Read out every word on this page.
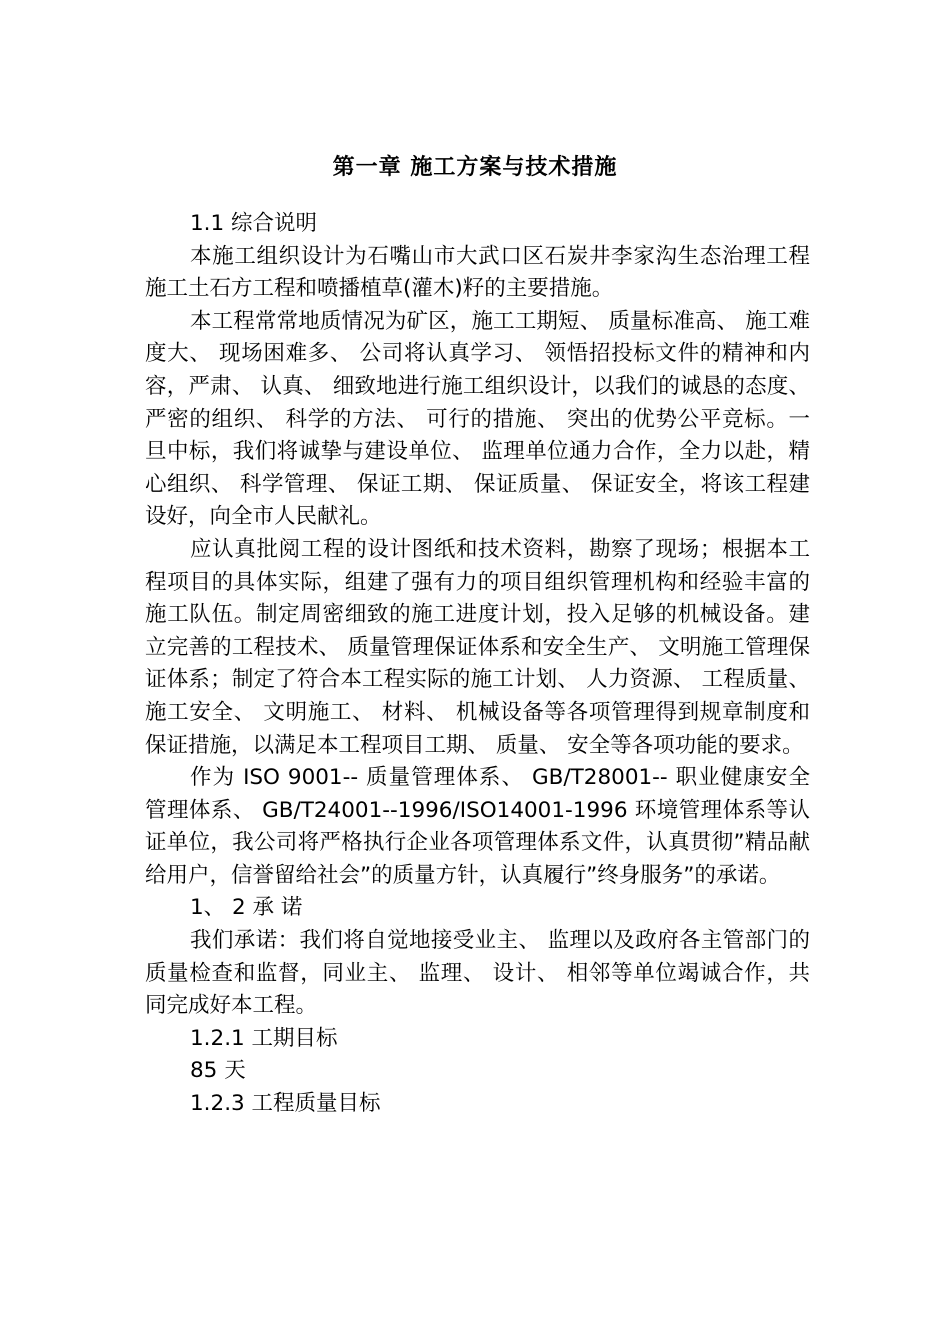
第一章 施工方案与技术措施

1.1 综合说明

本施工组织设计为石嘴山市大武口区石炭井李家沟生态治理工程施工土石方工程和喷播植草(灌木)籽的主要措施。

本工程常常地质情况为矿区，施工工期短、 质量标准高、 施工难度大、 现场困难多、 公司将认真学习、 领悟招投标文件的精神和内容，严肃、 认真、 细致地进行施工组织设计，以我们的诚恳的态度、 严密的组织、 科学的方法、 可行的措施、 突出的优势公平竞标。一旦中标，我们将诚挚与建设单位、 监理单位通力合作，全力以赴，精心组织、 科学管理、 保证工期、 保证质量、 保证安全，将该工程建设好，向全市人民献礼。

应认真批阅工程的设计图纸和技术资料，勘察了现场；根据本工程项目的具体实际，组建了强有力的项目组织管理机构和经验丰富的施工队伍。制定周密细致的施工进度计划，投入足够的机械设备。建立完善的工程技术、 质量管理保证体系和安全生产、 文明施工管理保证体系；制定了符合本工程实际的施工计划、 人力资源、 工程质量、 施工安全、 文明施工、 材料、 机械设备等各项管理得到规章制度和保证措施，以满足本工程项目工期、 质量、 安全等各项功能的要求。

作为 ISO 9001-- 质量管理体系、 GB/T28001-- 职业健康安全管理体系、 GB/T24001--1996/ISO14001-1996 环境管理体系等认证单位，我公司将严格执行企业各项管理体系文件，认真贯彻”精品献给用户，信誉留给社会”的质量方针，认真履行”终身服务”的承诺。

1、 2 承 诺

我们承诺：我们将自觉地接受业主、 监理以及政府各主管部门的质量检查和监督，同业主、 监理、 设计、 相邻等单位竭诚合作，共同完成好本工程。

1.2.1 工期目标

85 天

1.2.3 工程质量目标
